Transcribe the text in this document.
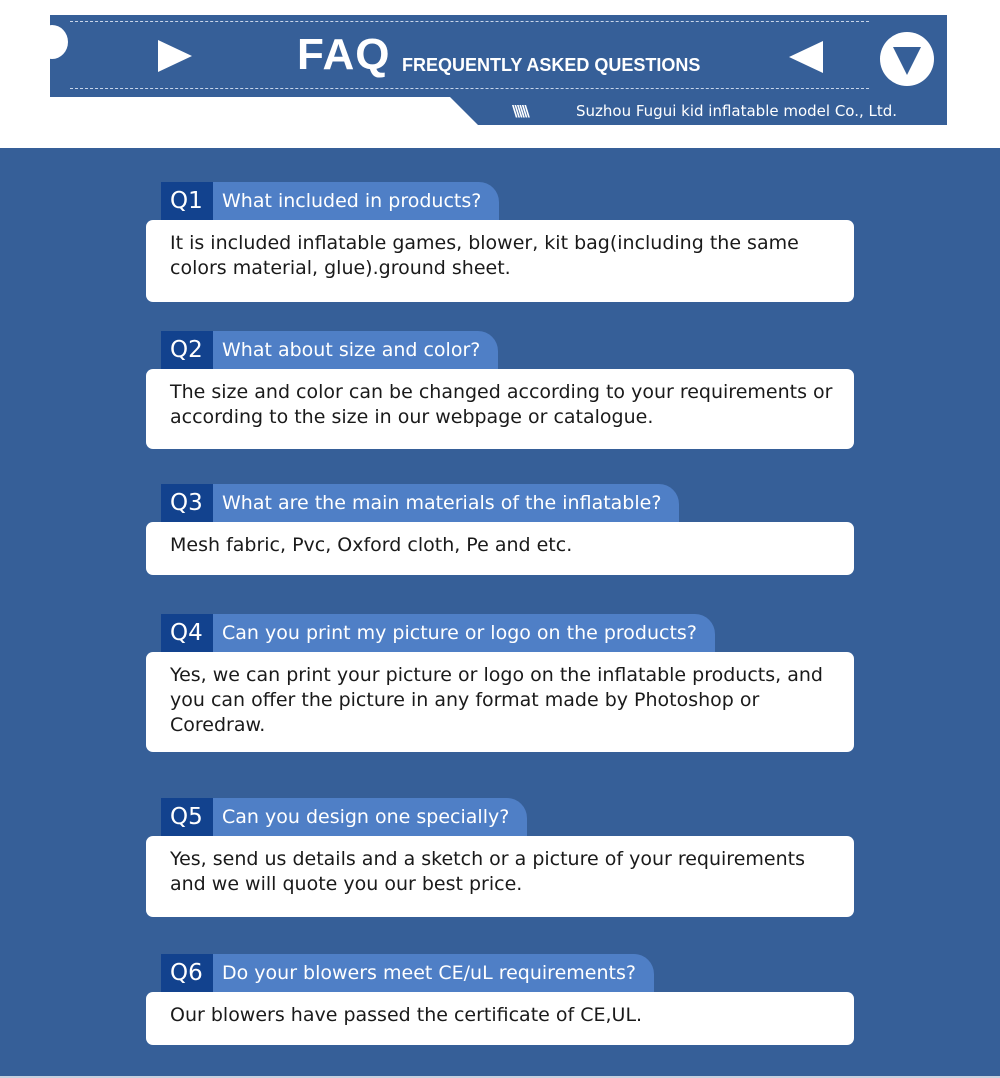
FAQ FREQUENTLY ASKED QUESTIONS
\\\\\\	Suzhou Fugui kid inflatable model Co., Ltd.
Q1	What included in products?

It is included inflatable games, blower, kit bag(including the same colors material, glue).ground sheet.

Q2	What about size and color?

The size and color can be changed according to your requirements or according to the size in our webpage or catalogue.

Q3	What are the main materials of the inflatable?

Mesh fabric, Pvc, Oxford cloth, Pe and etc.

Q4	Can you print my picture or logo on the products?

Yes, we can print your picture or logo on the inflatable products, and you can offer the picture in any format made by Photoshop or Coredraw.

Q5	Can you design one specially?

Yes, send us details and a sketch or a picture of your requirements and we will quote you our best price.

Q6	Do your blowers meet CE/uL requirements?

Our blowers have passed the certificate of CE,UL.
